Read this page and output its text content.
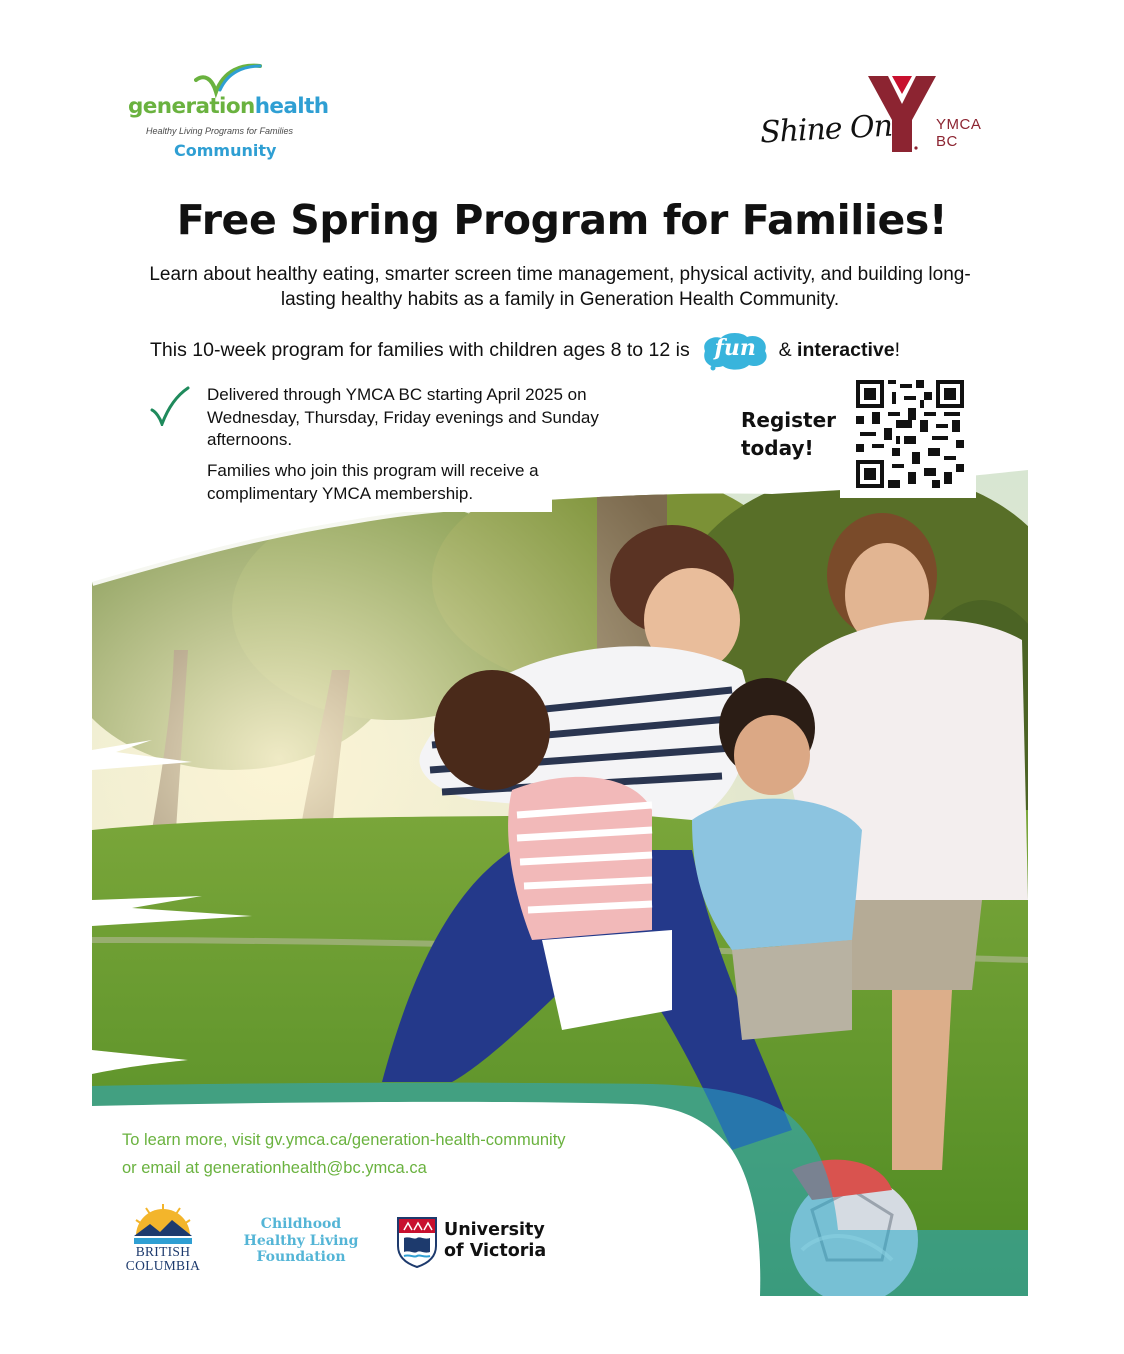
generationhealth
Healthy Living Programs for Families
Community
Shine On	YMCA
BC
Free Spring Program for Families!
Learn about healthy eating, smarter screen time management, physical activity, and building long-lasting healthy habits as a family in Generation Health Community.
This 10-week program for families with children ages 8 to 12 is fun & interactive!
Delivered through YMCA BC starting April 2025 on
Wednesday, Thursday, Friday evenings and Sunday
afternoons.
Families who join this program will receive a
complimentary YMCA membership.
Register
today!
To learn more, visit gv.ymca.ca/generation-health-community
or email at generationhealth@bc.ymca.ca
BRITISH
COLUMBIA
Childhood
Healthy Living
Foundation
University
of Victoria
